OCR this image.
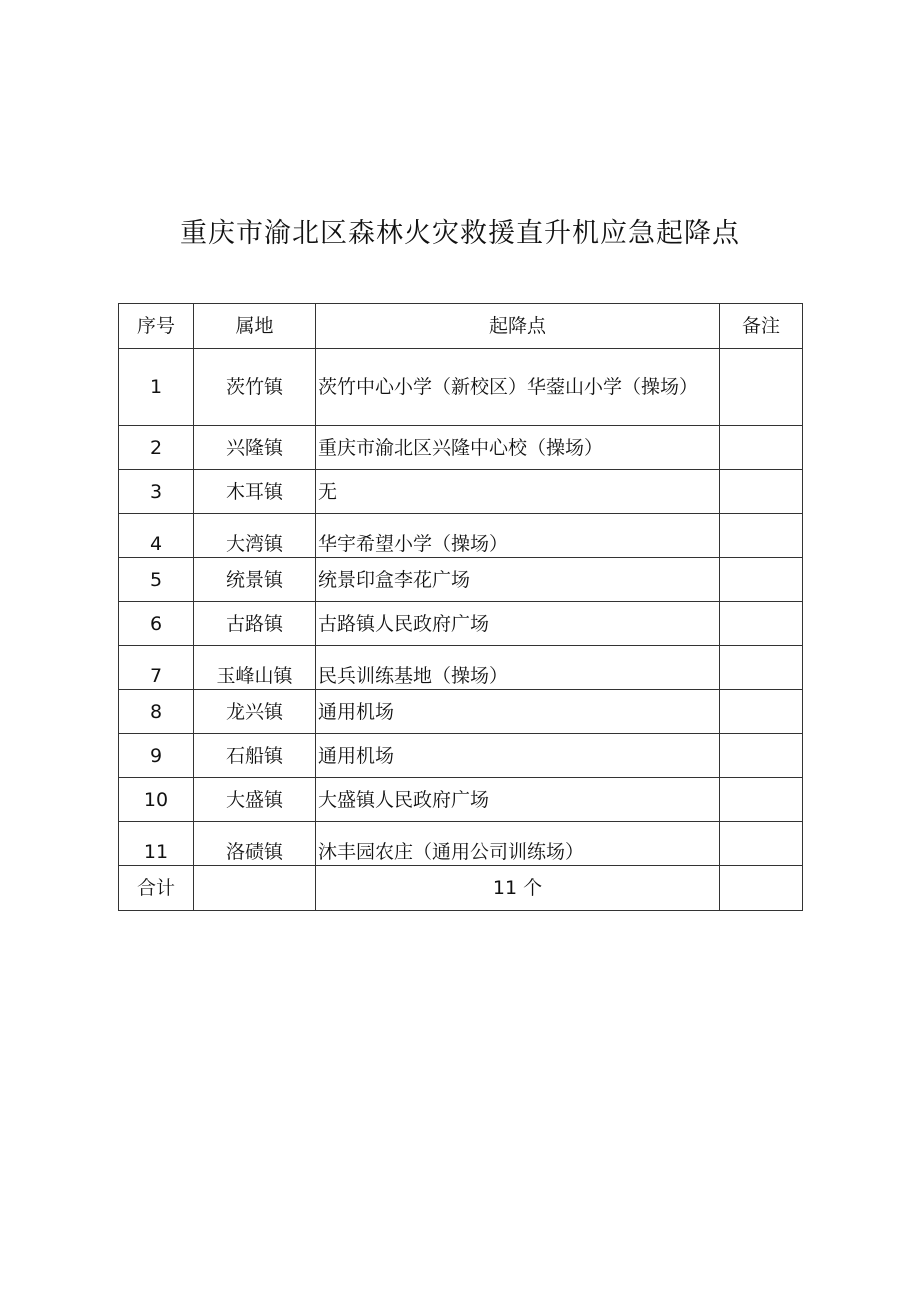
重庆市渝北区森林火灾救援直升机应急起降点
序号	属地	起降点	备注
1	茨竹镇	茨竹中心小学（新校区）华蓥山小学（操场）	
2	兴隆镇	重庆市渝北区兴隆中心校（操场）	
3	木耳镇	无	

4	大湾镇	华宇希望小学（操场）	

5	统景镇	统景印盒李花广场	
6	古路镇	古路镇人民政府广场	

7	玉峰山镇	民兵训练基地（操场）	

8	龙兴镇	通用机场	
9	石船镇	通用机场	
10	大盛镇	大盛镇人民政府广场	

11	洛碛镇	沐丰园农庄（通用公司训练场）	

合计		11 个	
